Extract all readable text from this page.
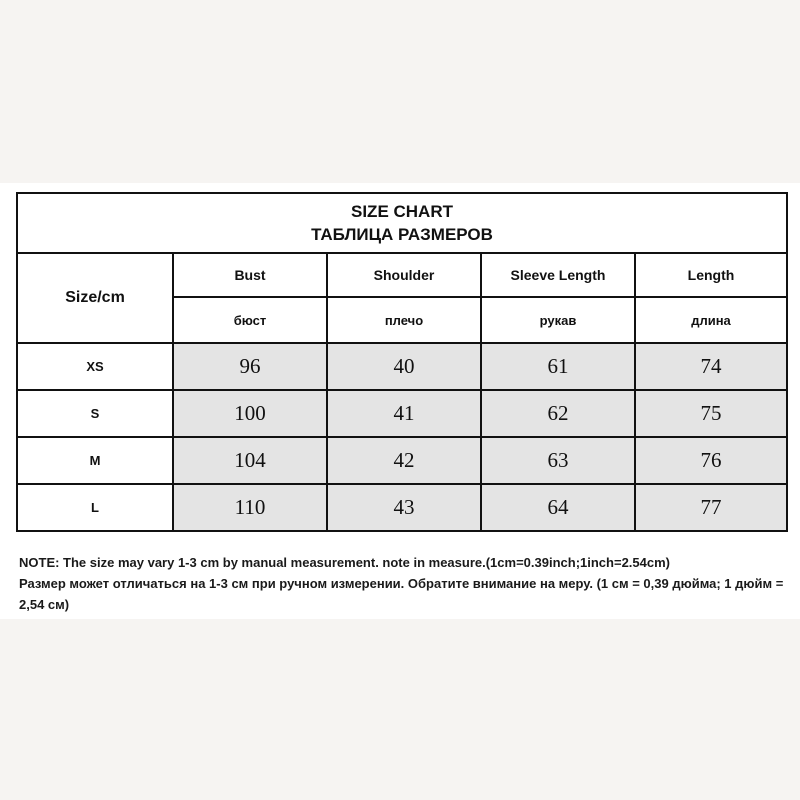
SIZE CHART
ТАБЛИЦА РАЗМЕРОВ				

Size/cm	Bust	Shoulder	Sleeve Length	Length
	бюст	плечо	рукав	длина
XS	96	40	61	74
S	100	41	62	75
M	104	42	63	76
L	110	43	64	77

NOTE: The size may vary 1-3 cm by manual measurement. note in measure.(1cm=0.39inch;1inch=2.54cm)

Размер может отличаться на 1-3 см при ручном измерении. Обратите внимание на меру. (1 см = 0,39 дюйма; 1 дюйм = 2,54 см)
